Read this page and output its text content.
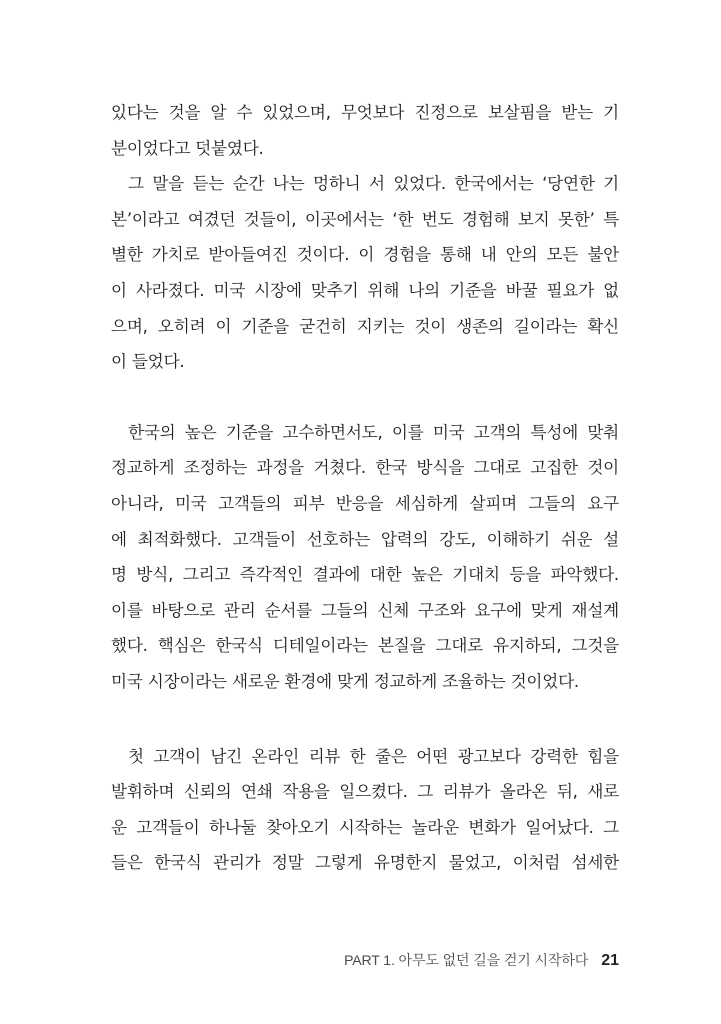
있다는 것을 알 수 있었으며, 무엇보다 진정으로 보살핌을 받는 기
분이었다고 덧붙였다.
그 말을 듣는 순간 나는 멍하니 서 있었다. 한국에서는 ‘당연한 기
본’이라고 여겼던 것들이, 이곳에서는 ‘한 번도 경험해 보지 못한’ 특
별한 가치로 받아들여진 것이다. 이 경험을 통해 내 안의 모든 불안
이 사라졌다. 미국 시장에 맞추기 위해 나의 기준을 바꿀 필요가 없
으며, 오히려 이 기준을 굳건히 지키는 것이 생존의 길이라는 확신
이 들었다.
한국의 높은 기준을 고수하면서도, 이를 미국 고객의 특성에 맞춰
정교하게 조정하는 과정을 거쳤다. 한국 방식을 그대로 고집한 것이
아니라, 미국 고객들의 피부 반응을 세심하게 살피며 그들의 요구
에 최적화했다. 고객들이 선호하는 압력의 강도, 이해하기 쉬운 설
명 방식, 그리고 즉각적인 결과에 대한 높은 기대치 등을 파악했다.
이를 바탕으로 관리 순서를 그들의 신체 구조와 요구에 맞게 재설계
했다. 핵심은 한국식 디테일이라는 본질을 그대로 유지하되, 그것을
미국 시장이라는 새로운 환경에 맞게 정교하게 조율하는 것이었다.
첫 고객이 남긴 온라인 리뷰 한 줄은 어떤 광고보다 강력한 힘을
발휘하며 신뢰의 연쇄 작용을 일으켰다. 그 리뷰가 올라온 뒤, 새로
운 고객들이 하나둘 찾아오기 시작하는 놀라운 변화가 일어났다. 그
들은 한국식 관리가 정말 그렇게 유명한지 물었고, 이처럼 섬세한
PART 1. 아무도 없던 길을 걷기 시작하다 21
